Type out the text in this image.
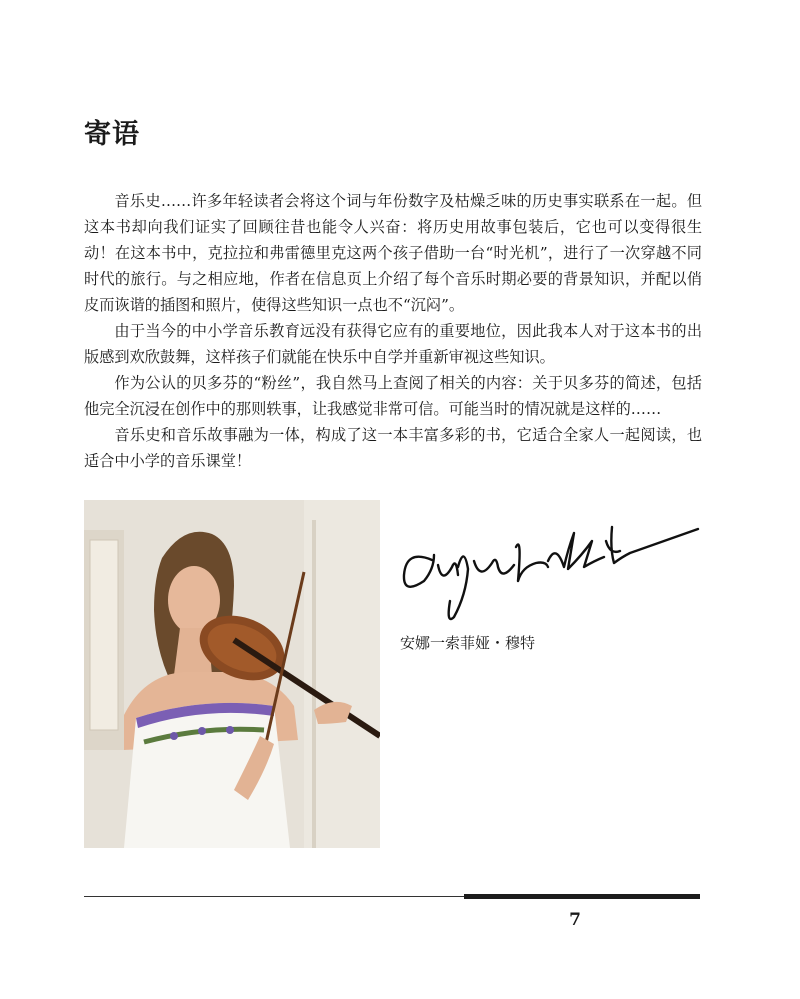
寄语

音乐史……许多年轻读者会将这个词与年份数字及枯燥乏味的历史事实联系在一起。但这本书却向我们证实了回顾往昔也能令人兴奋：将历史用故事包装后，它也可以变得很生动！在这本书中，克拉拉和弗雷德里克这两个孩子借助一台“时光机”，进行了一次穿越不同时代的旅行。与之相应地，作者在信息页上介绍了每个音乐时期必要的背景知识，并配以俏皮而诙谐的插图和照片，使得这些知识一点也不“沉闷”。

由于当今的中小学音乐教育远没有获得它应有的重要地位，因此我本人对于这本书的出版感到欢欣鼓舞，这样孩子们就能在快乐中自学并重新审视这些知识。

作为公认的贝多芬的“粉丝”，我自然马上查阅了相关的内容：关于贝多芬的简述，包括他完全沉浸在创作中的那则轶事，让我感觉非常可信。可能当时的情况就是这样的……

音乐史和音乐故事融为一体，构成了这一本丰富多彩的书，它适合全家人一起阅读，也适合中小学的音乐课堂！

安娜一索菲娅・穆特
7
